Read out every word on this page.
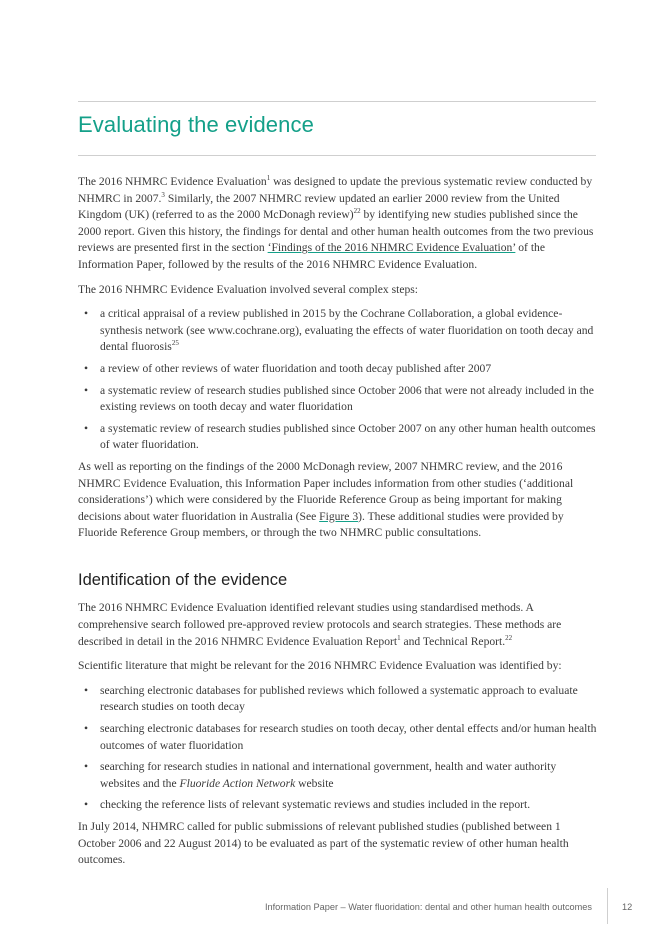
Evaluating the evidence

The 2016 NHMRC Evidence Evaluation$^1$ was designed to update the previous systematic review conducted by NHMRC in 2007.$^3$ Similarly, the 2007 NHMRC review updated an earlier 2000 review from the United Kingdom (UK) (referred to as the 2000 McDonagh review)$^{22}$ by identifying new studies published since the 2000 report. Given this history, the findings for dental and other human health outcomes from the two previous reviews are presented first in the section ‘Findings of the 2016 NHMRC Evidence Evaluation’ of the Information Paper, followed by the results of the 2016 NHMRC Evidence Evaluation.

The 2016 NHMRC Evidence Evaluation involved several complex steps:

• a critical appraisal of a review published in 2015 by the Cochrane Collaboration, a global evidence-synthesis network (see www.cochrane.org), evaluating the effects of water fluoridation on tooth decay and dental fluorosis$^{25}$
• a review of other reviews of water fluoridation and tooth decay published after 2007
• a systematic review of research studies published since October 2006 that were not already included in the existing reviews on tooth decay and water fluoridation
• a systematic review of research studies published since October 2007 on any other human health outcomes of water fluoridation.

As well as reporting on the findings of the 2000 McDonagh review, 2007 NHMRC review, and the 2016 NHMRC Evidence Evaluation, this Information Paper includes information from other studies (‘additional considerations’) which were considered by the Fluoride Reference Group as being important for making decisions about water fluoridation in Australia (See Figure 3). These additional studies were provided by Fluoride Reference Group members, or through the two NHMRC public consultations.

Identification of the evidence

The 2016 NHMRC Evidence Evaluation identified relevant studies using standardised methods. A comprehensive search followed pre-approved review protocols and search strategies. These methods are described in detail in the 2016 NHMRC Evidence Evaluation Report$^1$ and Technical Report.$^{22}$

Scientific literature that might be relevant for the 2016 NHMRC Evidence Evaluation was identified by:

• searching electronic databases for published reviews which followed a systematic approach to evaluate research studies on tooth decay
• searching electronic databases for research studies on tooth decay, other dental effects and/or human health outcomes of water fluoridation
• searching for research studies in national and international government, health and water authority websites and the Fluoride Action Network website
• checking the reference lists of relevant systematic reviews and studies included in the report.

In July 2014, NHMRC called for public submissions of relevant published studies (published between 1 October 2006 and 22 August 2014) to be evaluated as part of the systematic review of other human health outcomes.

Information Paper – Water fluoridation: dental and other human health outcomes	12
